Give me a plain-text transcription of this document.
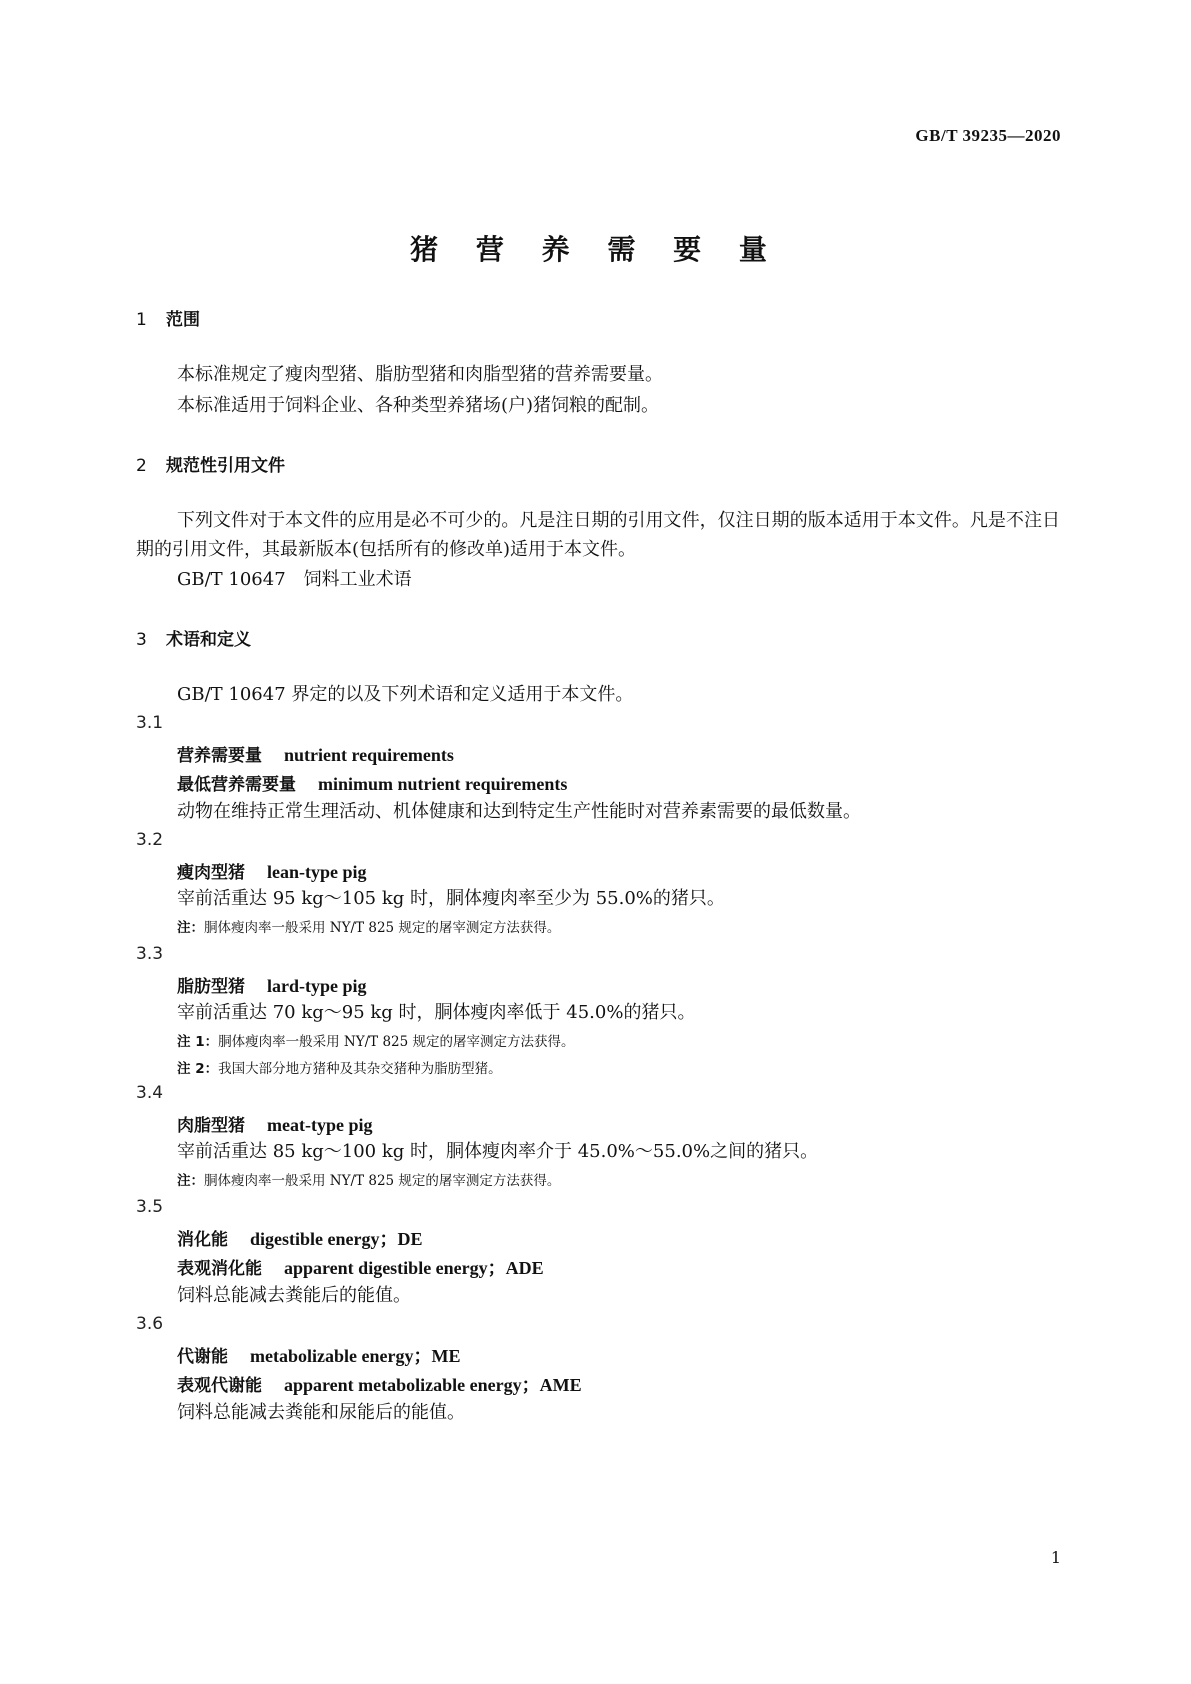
GB/T 39235—2020
猪 营 养 需 要 量
1 范围
本标准规定了瘦肉型猪、脂肪型猪和肉脂型猪的营养需要量。
本标准适用于饲料企业、各种类型养猪场(户)猪饲粮的配制。
2 规范性引用文件
下列文件对于本文件的应用是必不可少的。凡是注日期的引用文件，仅注日期的版本适用于本文件。凡是不注日期的引用文件，其最新版本(包括所有的修改单)适用于本文件。
GB/T 10647　饲料工业术语
3 术语和定义
GB/T 10647 界定的以及下列术语和定义适用于本文件。
3.1
营养需要量 nutrient requirements
最低营养需要量 minimum nutrient requirements
动物在维持正常生理活动、机体健康和达到特定生产性能时对营养素需要的最低数量。
3.2
瘦肉型猪 lean-type pig
宰前活重达 95 kg～105 kg 时，胴体瘦肉率至少为 55.0%的猪只。
注：胴体瘦肉率一般采用 NY/T 825 规定的屠宰测定方法获得。
3.3
脂肪型猪 lard-type pig
宰前活重达 70 kg～95 kg 时，胴体瘦肉率低于 45.0%的猪只。
注 1：胴体瘦肉率一般采用 NY/T 825 规定的屠宰测定方法获得。
注 2：我国大部分地方猪种及其杂交猪种为脂肪型猪。
3.4
肉脂型猪 meat-type pig
宰前活重达 85 kg～100 kg 时，胴体瘦肉率介于 45.0%～55.0%之间的猪只。
注：胴体瘦肉率一般采用 NY/T 825 规定的屠宰测定方法获得。
3.5
消化能 digestible energy；DE
表观消化能 apparent digestible energy；ADE
饲料总能减去粪能后的能值。
3.6
代谢能 metabolizable energy；ME
表观代谢能 apparent metabolizable energy；AME
饲料总能减去粪能和尿能后的能值。
1
